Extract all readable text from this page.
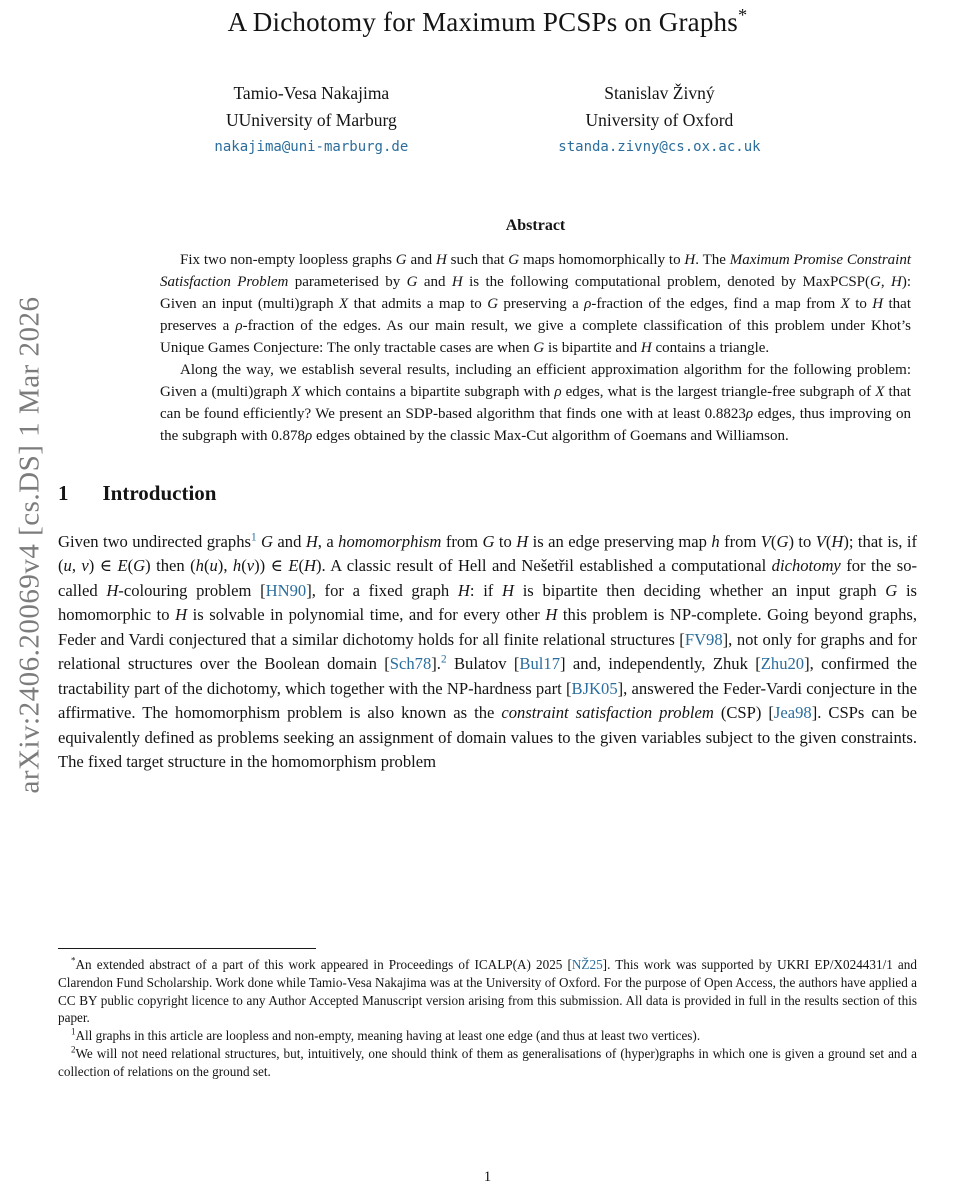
arXiv:2406.20069v4 [cs.DS] 1 Mar 2026
A Dichotomy for Maximum PCSPs on Graphs*
Tamio-Vesa Nakajima
UUniversity of Marburg
nakajima@uni-marburg.de
Stanislav Živný
University of Oxford
standa.zivny@cs.ox.ac.uk
Abstract

Fix two non-empty loopless graphs G and H such that G maps homomorphically to H. The Maximum Promise Constraint Satisfaction Problem parameterised by G and H is the following computational problem, denoted by MaxPCSP(G, H): Given an input (multi)graph X that admits a map to G preserving a ρ-fraction of the edges, find a map from X to H that preserves a ρ-fraction of the edges. As our main result, we give a complete classification of this problem under Khot’s Unique Games Conjecture: The only tractable cases are when G is bipartite and H contains a triangle.

Along the way, we establish several results, including an efficient approximation algorithm for the following problem: Given a (multi)graph X which contains a bipartite subgraph with ρ edges, what is the largest triangle-free subgraph of X that can be found efficiently? We present an SDP-based algorithm that finds one with at least 0.8823ρ edges, thus improving on the subgraph with 0.878ρ edges obtained by the classic Max-Cut algorithm of Goemans and Williamson.

1 Introduction

Given two undirected graphs$^1$ G and H, a homomorphism from G to H is an edge preserving map h from V(G) to V(H); that is, if (u, v) ∈ E(G) then (h(u), h(v)) ∈ E(H). A classic result of Hell and Nešetřil established a computational dichotomy for the so-called H-colouring problem [HN90], for a fixed graph H: if H is bipartite then deciding whether an input graph G is homomorphic to H is solvable in polynomial time, and for every other H this problem is NP-complete. Going beyond graphs, Feder and Vardi conjectured that a similar dichotomy holds for all finite relational structures [FV98], not only for graphs and for relational structures over the Boolean domain [Sch78].$^2$ Bulatov [Bul17] and, independently, Zhuk [Zhu20], confirmed the tractability part of the dichotomy, which together with the NP-hardness part [BJK05], answered the Feder-Vardi conjecture in the affirmative. The homomorphism problem is also known as the constraint satisfaction problem (CSP) [Jea98]. CSPs can be equivalently defined as problems seeking an assignment of domain values to the given variables subject to the given constraints. The fixed target structure in the homomorphism problem

*An extended abstract of a part of this work appeared in Proceedings of ICALP(A) 2025 [NŽ25]. This work was supported by UKRI EP/X024431/1 and Clarendon Fund Scholarship. Work done while Tamio-Vesa Nakajima was at the University of Oxford. For the purpose of Open Access, the authors have applied a CC BY public copyright licence to any Author Accepted Manuscript version arising from this submission. All data is provided in full in the results section of this paper.

$^1$All graphs in this article are loopless and non-empty, meaning having at least one edge (and thus at least two vertices).

$^2$We will not need relational structures, but, intuitively, one should think of them as generalisations of (hyper)graphs in which one is given a ground set and a collection of relations on the ground set.

1
